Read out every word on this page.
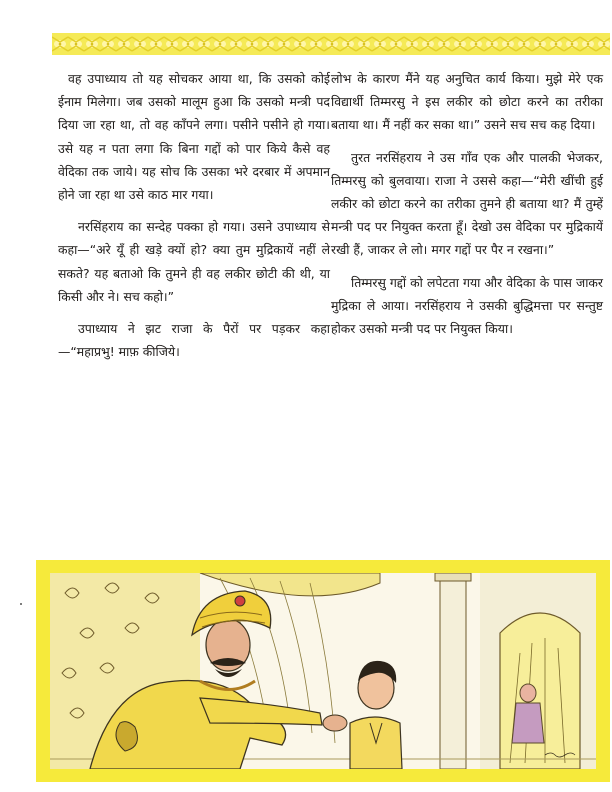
वह उपाध्याय तो यह सोचकर आया था, कि उसको कोई ईनाम मिलेगा। जब उसको मालूम हुआ कि उसको मन्त्री पद दिया जा रहा था, तो वह काँपने लगा। पसीने पसीने हो गया। उसे यह न पता लगा कि बिना गद्दों को पार किये कैसे वह वेदिका तक जाये। यह सोच कि उसका भरे दरबार में अपमान होने जा रहा था उसे काठ मार गया।

नरसिंहराय का सन्देह पक्का हो गया। उसने उपाध्याय से कहा—“अरे यूँ ही खड़े क्यों हो? क्या तुम मुद्रिकायें नहीं ले सकते? यह बताओ कि तुमने ही वह लकीर छोटी की थी, या किसी और ने। सच कहो।”

उपाध्याय ने झट राजा के पैरों पर पड़कर कहा—“महाप्रभु! माफ़ कीजिये।

लोभ के कारण मैंने यह अनुचित कार्य किया। मुझे मेरे एक विद्यार्थी तिम्मरसु ने इस लकीर को छोटा करने का तरीका बताया था। मैं नहीं कर सका था।” उसने सच सच कह दिया।

तुरत नरसिंहराय ने उस गाँव एक और पालकी भेजकर, तिम्मरसु को बुलवाया। राजा ने उससे कहा—“मेरी खींची हुई लकीर को छोटा करने का तरीका तुमने ही बताया था? मैं तुम्हें मन्त्री पद पर नियुक्त करता हूँ। देखो उस वेदिका पर मुद्रिकायें रखी हैं, जाकर ले लो। मगर गद्दों पर पैर न रखना।”

तिम्मरसु गद्दों को लपेटता गया और वेदिका के पास जाकर मुद्रिका ले आया। नरसिंहराय ने उसकी बुद्धिमत्ता पर सन्तुष्ट होकर उसको मन्त्री पद पर नियुक्त किया।
